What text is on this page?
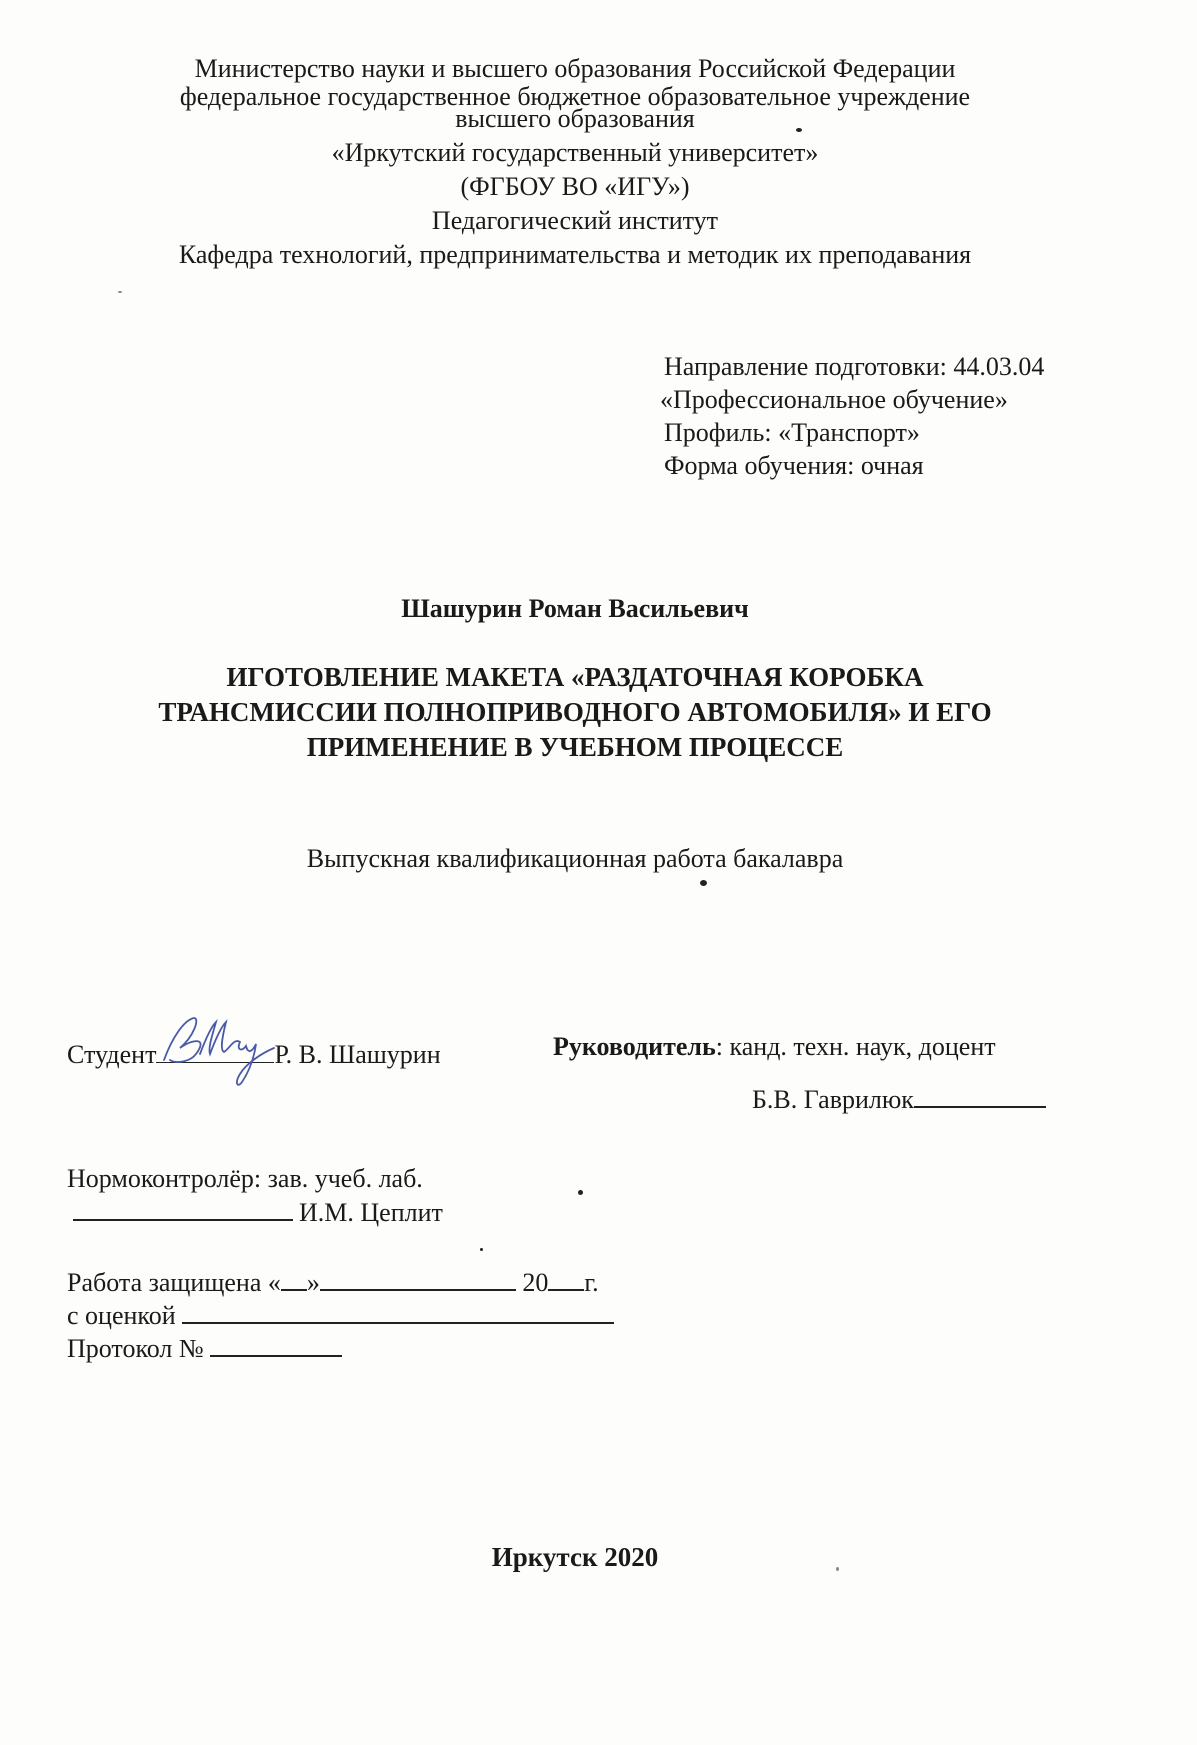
Министерство науки и высшего образования Российской Федерации
федеральное государственное бюджетное образовательное учреждение
высшего образования
«Иркутский государственный университет»
(ФГБОУ ВО «ИГУ»)
Педагогический институт
Кафедра технологий, предпринимательства и методик их преподавания
Направление подготовки: 44.03.04
«Профессиональное обучение»
Профиль: «Транспорт»
Форма обучения: очная
Шашурин Роман Васильевич
ИГОТОВЛЕНИЕ МАКЕТА «РАЗДАТОЧНАЯ КОРОБКА
ТРАНСМИССИИ ПОЛНОПРИВОДНОГО АВТОМОБИЛЯ» И ЕГО
ПРИМЕНЕНИЕ В УЧЕБНОМ ПРОЦЕССЕ
Выпускная квалификационная работа бакалавра
Студент	Р. В. Шашурин	Руководитель: канд. техн. наук, доцент
Б.В. Гаврилюк
Нормоконтролёр: зав. учеб. лаб.
И.М. Цеплит
Работа защищена « »	20 г.
с оценкой
Протокол №
Иркутск 2020
